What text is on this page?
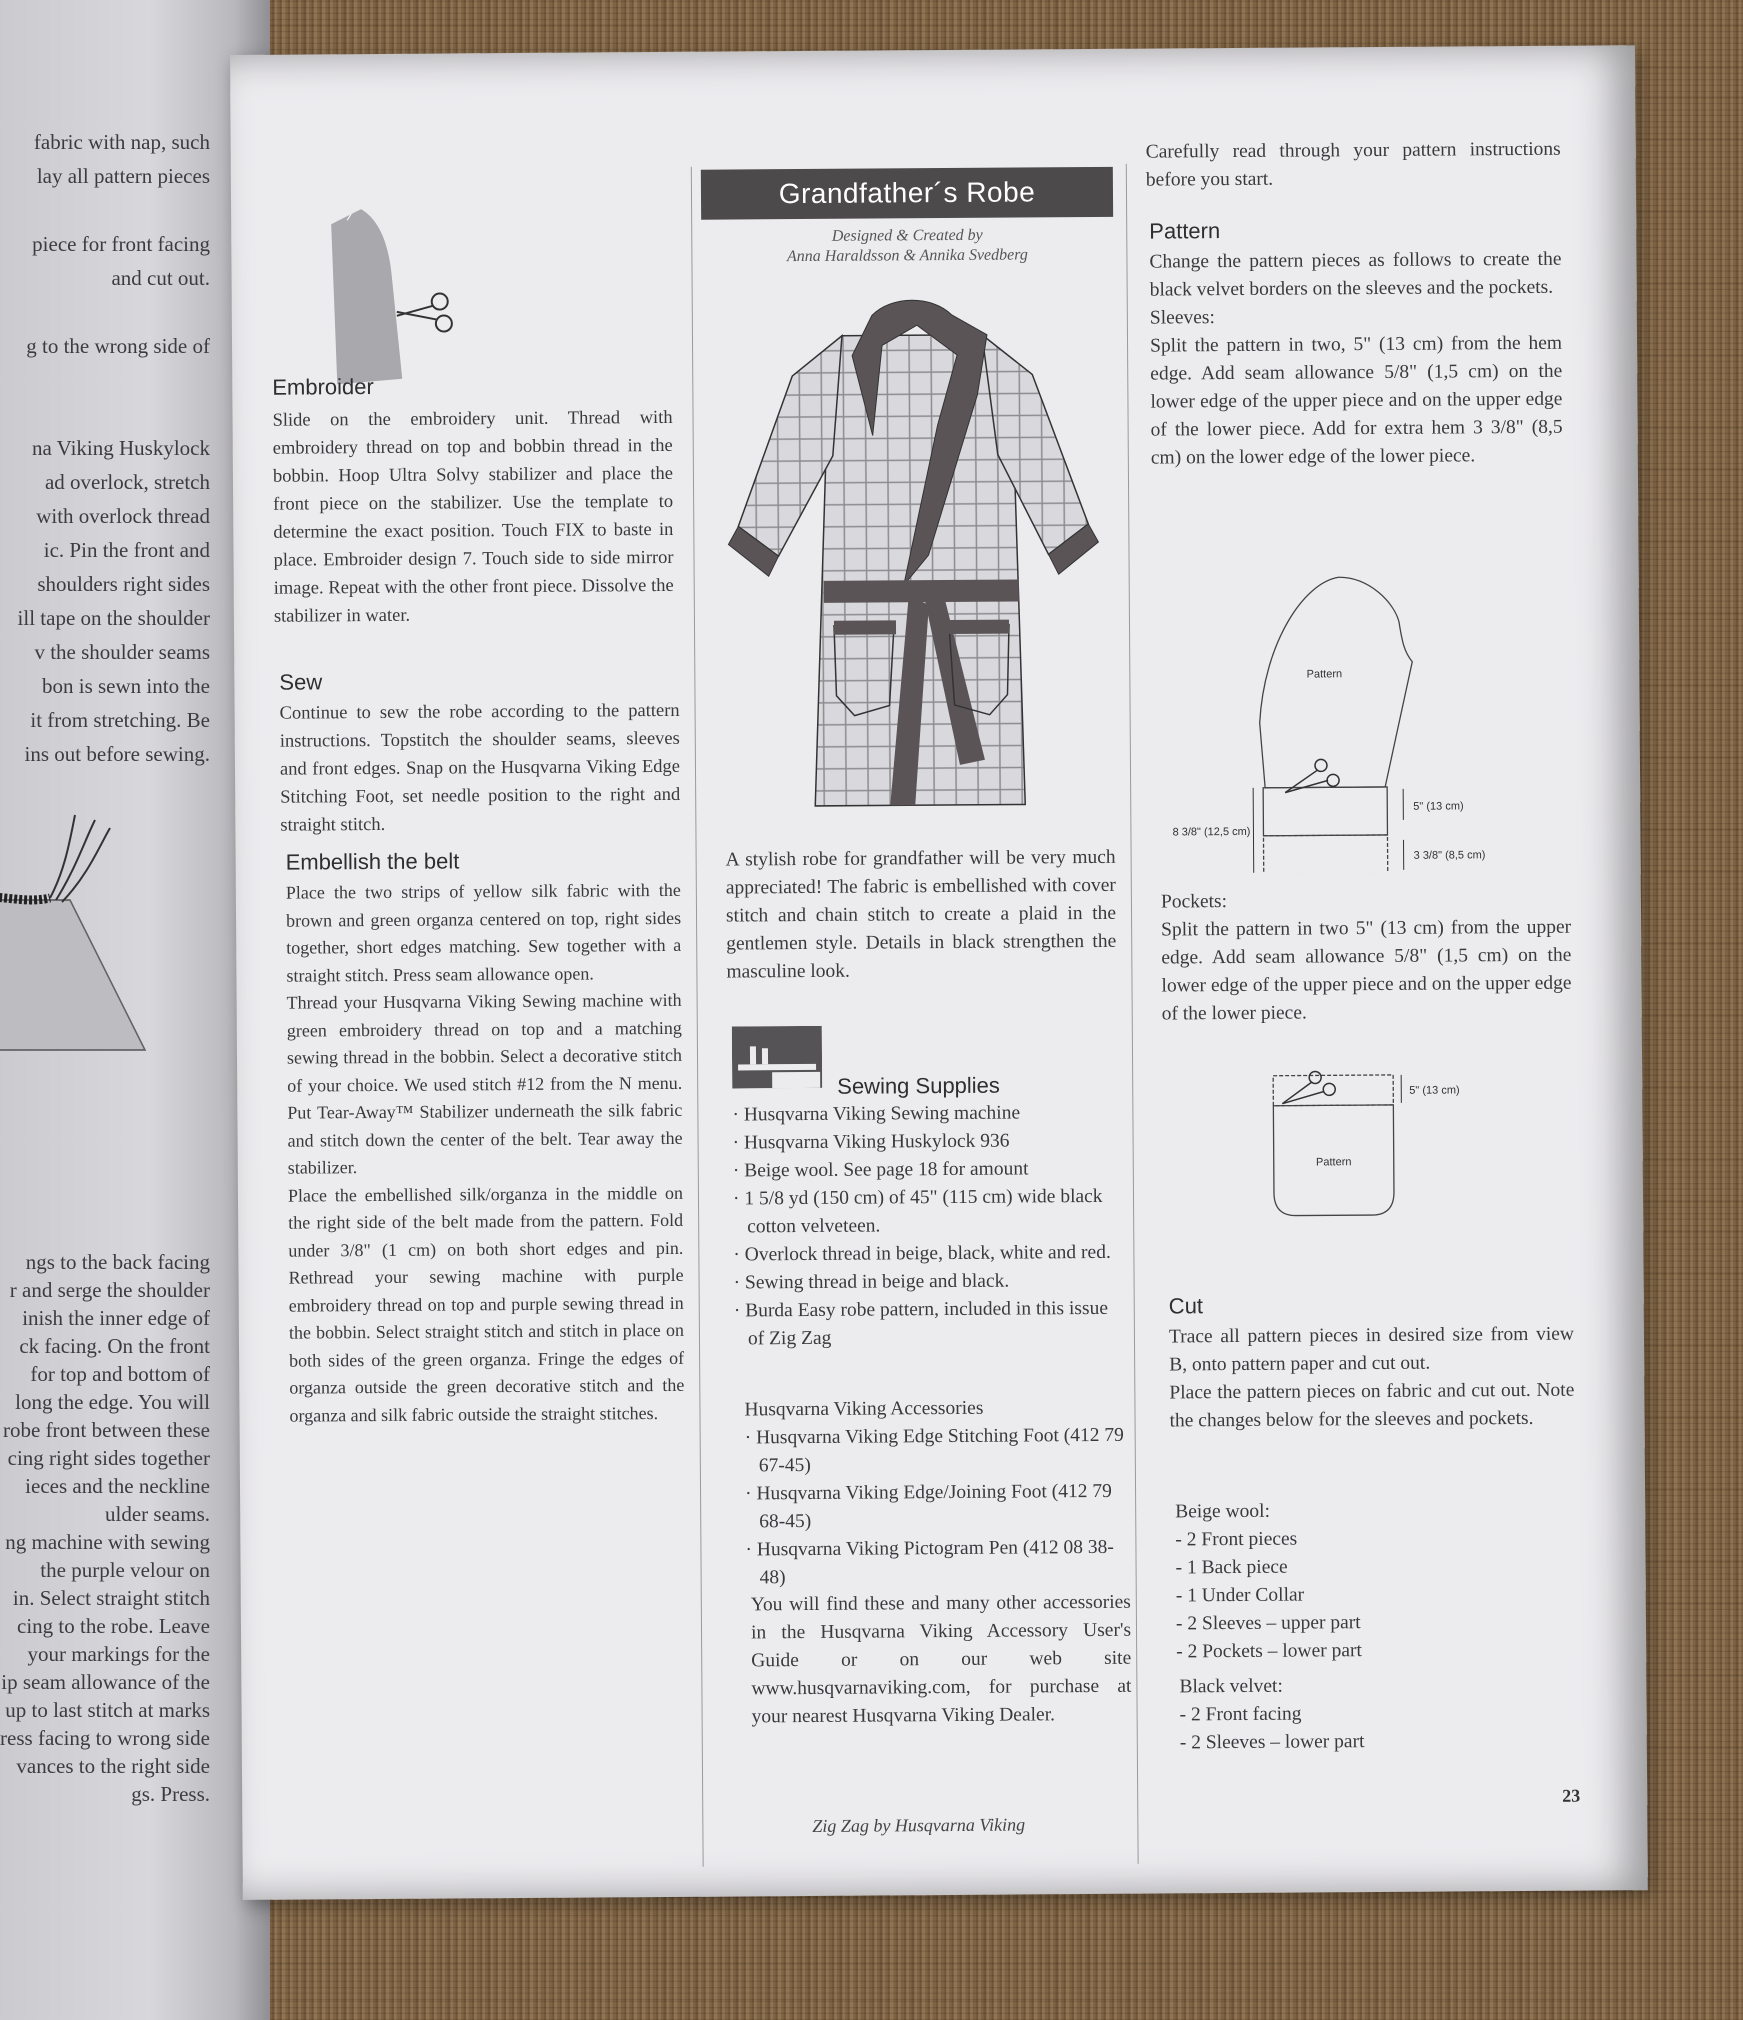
fabric with nap, such
lay all pattern pieces
piece for front facing
and cut out.
g to the wrong side of
na Viking Huskylock
ad overlock, stretch
with overlock thread
ic. Pin the front and
shoulders right sides
ill tape on the shoulder
v the shoulder seams
bon is sewn into the
it from stretching. Be
ins out before sewing.
ngs to the back facing
r and serge the shoulder
inish the inner edge of
ck facing. On the front
for top and bottom of
long the edge. You will
robe front between these
cing right sides together
ieces and the neckline
ulder seams.
ng machine with sewing
the purple velour on
in. Select straight stitch
cing to the robe. Leave
your markings for the
ip seam allowance of the
up to last stitch at marks
ress facing to wrong side
vances to the right side
gs. Press.
Embroider
Slide on the embroidery unit. Thread with embroidery thread on top and bobbin thread in the bobbin. Hoop Ultra Solvy stabilizer and place the front piece on the stabilizer. Use the template to determine the exact position. Touch FIX to baste in place. Embroider design 7. Touch side to side mirror image. Repeat with the other front piece. Dissolve the stabilizer in water.
Sew
Continue to sew the robe according to the pattern instructions. Topstitch the shoulder seams, sleeves and front edges. Snap on the Husqvarna Viking Edge Stitching Foot, set needle position to the right and straight stitch.
Embellish the belt

Place the two strips of yellow silk fabric with the brown and green organza centered on top, right sides together, short edges matching. Sew together with a straight stitch. Press seam allowance open.

Thread your Husqvarna Viking Sewing machine with green embroidery thread on top and a matching sewing thread in the bobbin. Select a decorative stitch of your choice. We used stitch #12 from the N menu. Put Tear-Away™ Stabilizer underneath the silk fabric and stitch down the center of the belt. Tear away the stabilizer.

Place the embellished silk/organza in the middle on the right side of the belt made from the pattern. Fold under 3/8" (1 cm) on both short edges and pin. Rethread your sewing machine with purple embroidery thread on top and purple sewing thread in the bobbin. Select straight stitch and stitch in place on both sides of the green organza. Fringe the edges of organza outside the green decorative stitch and the organza and silk fabric outside the straight stitches.

Grandfather´s Robe
Designed & Created by
Anna Haraldsson & Annika Svedberg
A stylish robe for grandfather will be very much appreciated! The fabric is embellished with cover stitch and chain stitch to create a plaid in the gentlemen style. Details in black strengthen the masculine look.
Sewing Supplies
· Husqvarna Viking Sewing machine
· Husqvarna Viking Huskylock 936
· Beige wool. See page 18 for amount
· 1 5/8 yd (150 cm) of 45" (115 cm) wide black cotton velveteen.
· Overlock thread in beige, black, white and red.
· Sewing thread in beige and black.
· Burda Easy robe pattern, included in this issue of Zig Zag
Husqvarna Viking Accessories
· Husqvarna Viking Edge Stitching Foot (412 79 67-45)
· Husqvarna Viking Edge/Joining Foot (412 79 68-45)
· Husqvarna Viking Pictogram Pen (412 08 38-48)
You will find these and many other accessories in the Husqvarna Viking Accessory User's Guide or on our web site www.husqvarnaviking.com, for purchase at your nearest Husqvarna Viking Dealer.
Carefully read through your pattern instructions before you start.
Pattern

Change the pattern pieces as follows to create the black velvet borders on the sleeves and the pockets.

Sleeves:

Split the pattern in two, 5" (13 cm) from the hem edge. Add seam allowance 5/8" (1,5 cm) on the lower edge of the upper piece and on the upper edge of the lower piece. Add for extra hem 3 3/8" (8,5 cm) on the lower edge of the lower piece.

Pattern
8 3/8" (12,5 cm)
5" (13 cm)
3 3/8" (8,5 cm)

Pockets:

Split the pattern in two 5" (13 cm) from the upper edge. Add seam allowance 5/8" (1,5 cm) on the lower edge of the upper piece and on the upper edge of the lower piece.

Pattern
5" (13 cm)
Cut

Trace all pattern pieces in desired size from view B, onto pattern paper and cut out.

Place the pattern pieces on fabric and cut out. Note the changes below for the sleeves and pockets.

Beige wool:
- 2 Front pieces
- 1 Back piece
- 1 Under Collar
- 2 Sleeves – upper part
- 2 Pockets – lower part
Black velvet:
- 2 Front facing
- 2 Sleeves – lower part
Zig Zag by Husqvarna Viking
23
